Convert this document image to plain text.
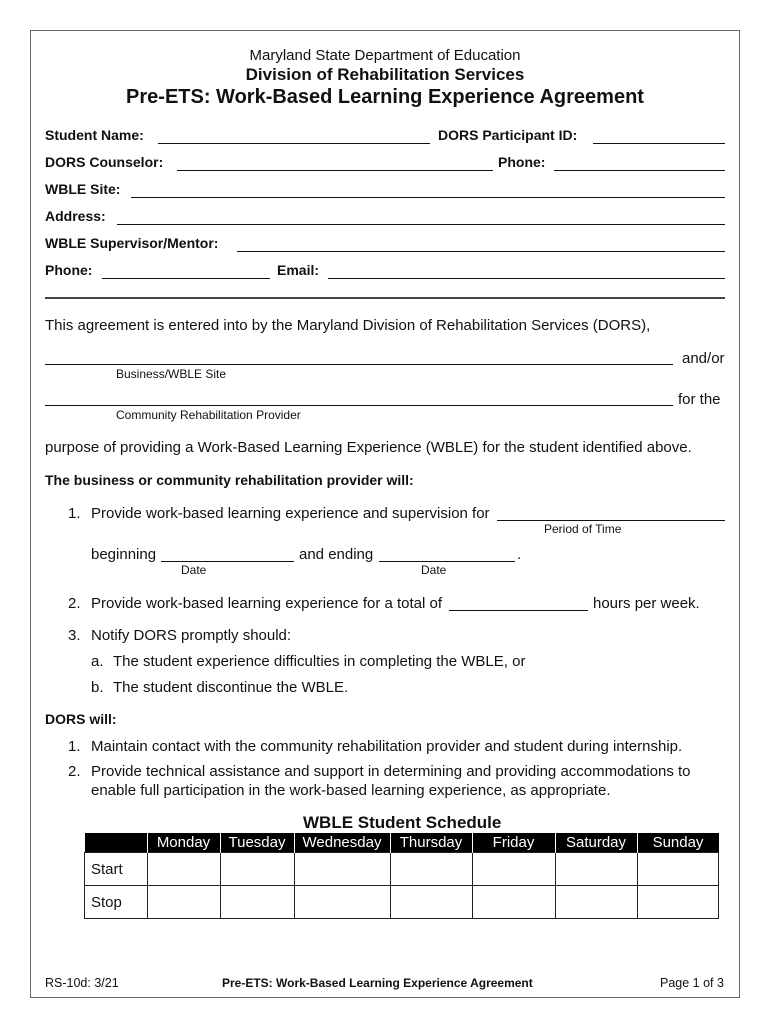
Maryland State Department of Education
Division of Rehabilitation Services
Pre-ETS: Work-Based Learning Experience Agreement
Student Name:	DORS Participant ID:
DORS Counselor:	Phone:
WBLE Site:
Address:
WBLE Supervisor/Mentor:
Phone:	Email:
This agreement is entered into by the Maryland Division of Rehabilitation Services (DORS),
and/or
Business/WBLE Site
for the
Community Rehabilitation Provider
purpose of providing a Work-Based Learning Experience (WBLE) for the student identified above.
The business or community rehabilitation provider will:
1. Provide work-based learning experience and supervision for
Period of Time
beginning	and ending	.
Date	Date
2. Provide work-based learning experience for a total of	hours per week.
3. Notify DORS promptly should:
a. The student experience difficulties in completing the WBLE, or
b. The student discontinue the WBLE.
DORS will:
1. Maintain contact with the community rehabilitation provider and student during internship.
2. Provide technical assistance and support in determining and providing accommodations to
enable full participation in the work-based learning experience, as appropriate.
WBLE Student Schedule
	Monday	Tuesday	Wednesday	Thursday	Friday	Saturday	Sunday
Start							
Stop							
RS-10d: 3/21	Pre-ETS: Work-Based Learning Experience Agreement	Page 1 of 3
